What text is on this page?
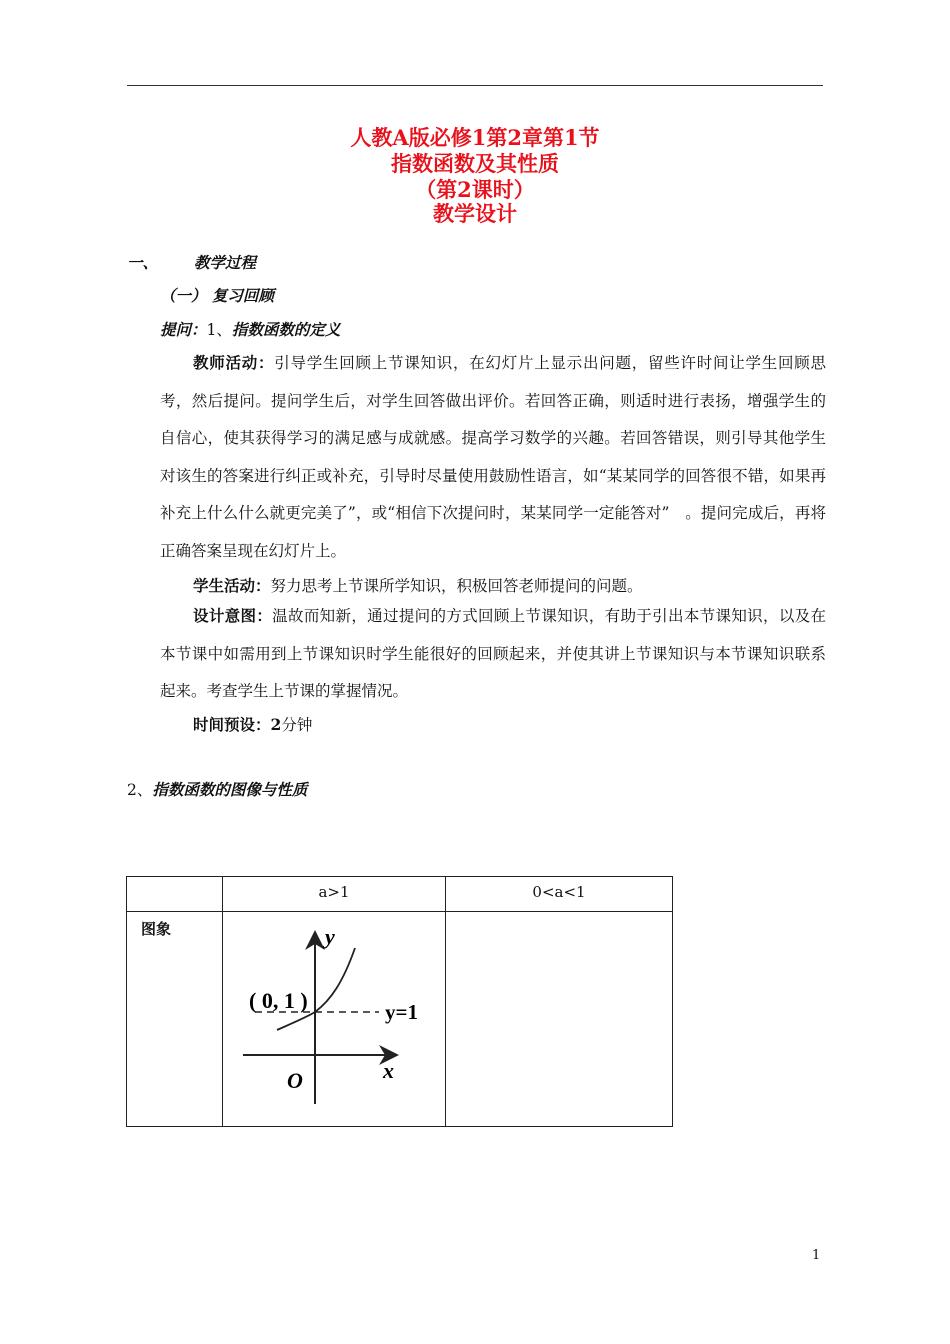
人教A版必修1第2章第1节
指数函数及其性质
（第2课时）
教学设计
一、 教学过程
（一） 复习回顾
提问：1、指数函数的定义
教师活动：引导学生回顾上节课知识，在幻灯片上显示出问题，留些许时间让学生回顾思考，然后提问。提问学生后，对学生回答做出评价。若回答正确，则适时进行表扬，增强学生的自信心，使其获得学习的满足感与成就感。提高学习数学的兴趣。若回答错误，则引导其他学生对该生的答案进行纠正或补充，引导时尽量使用鼓励性语言，如“某某同学的回答很不错，如果再补充上什么什么就更完美了”，或“相信下次提问时，某某同学一定能答对”　。提问完成后，再将正确答案呈现在幻灯片上。
学生活动：努力思考上节课所学知识，积极回答老师提问的问题。
设计意图：温故而知新，通过提问的方式回顾上节课知识，有助于引出本节课知识，以及在本节课中如需用到上节课知识时学生能很好的回顾起来，并使其讲上节课知识与本节课知识联系起来。考查学生上节课的掌握情况。
时间预设：2分钟
2、指数函数的图像与性质
	a>1	0<a<1
图象	y
x
O
( 0, 1 ) y=1	

1
